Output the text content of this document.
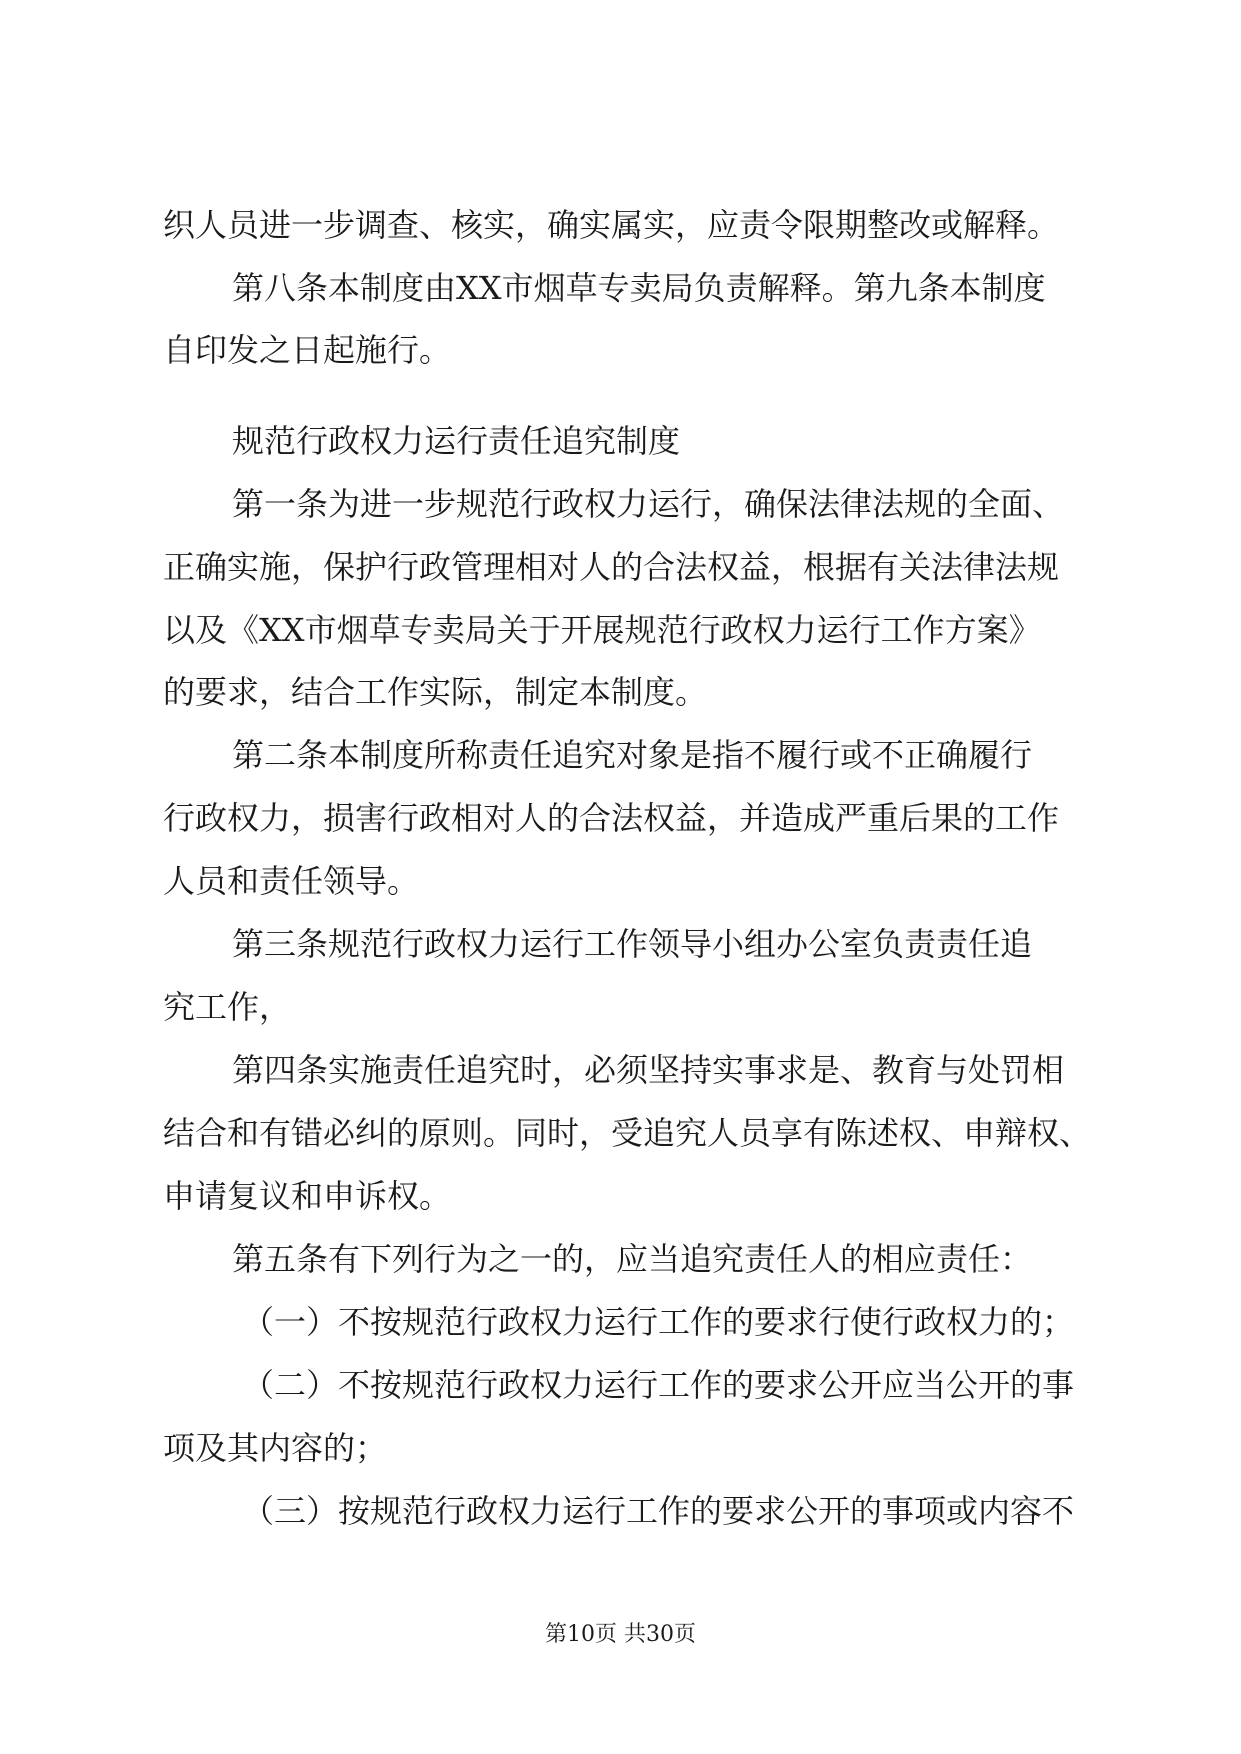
织人员进一步调查、核实，确实属实，应责令限期整改或解释。
第八条本制度由XX市烟草专卖局负责解释。第九条本制度
自印发之日起施行。
规范行政权力运行责任追究制度
第一条为进一步规范行政权力运行，确保法律法规的全面、
正确实施，保护行政管理相对人的合法权益，根据有关法律法规
以及《XX市烟草专卖局关于开展规范行政权力运行工作方案》
的要求，结合工作实际，制定本制度。
第二条本制度所称责任追究对象是指不履行或不正确履行
行政权力，损害行政相对人的合法权益，并造成严重后果的工作
人员和责任领导。
第三条规范行政权力运行工作领导小组办公室负责责任追
究工作，
第四条实施责任追究时，必须坚持实事求是、教育与处罚相
结合和有错必纠的原则。同时，受追究人员享有陈述权、申辩权、
申请复议和申诉权。
第五条有下列行为之一的，应当追究责任人的相应责任：
（一）不按规范行政权力运行工作的要求行使行政权力的；
（二）不按规范行政权力运行工作的要求公开应当公开的事
项及其内容的；
（三）按规范行政权力运行工作的要求公开的事项或内容不
第10页 共30页
